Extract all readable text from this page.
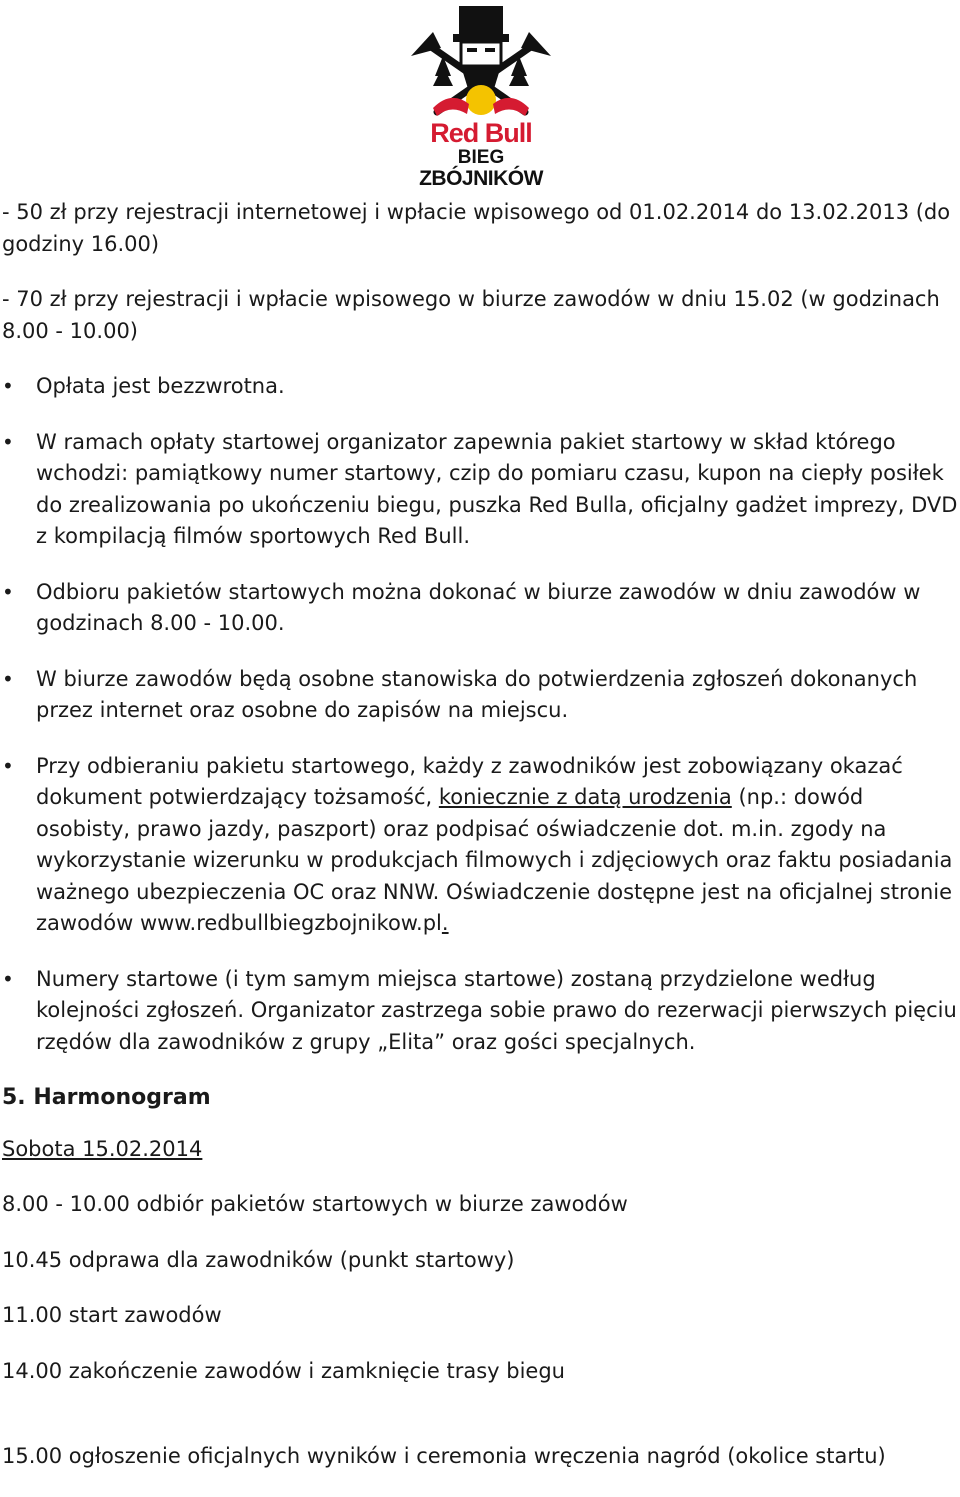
Red Bull
BIEG
ZBÓJNIKÓW

- 50 zł przy rejestracji internetowej i wpłacie wpisowego od 01.02.2014 do 13.02.2013 (do godziny 16.00)

- 70 zł przy rejestracji i wpłacie wpisowego w biurze zawodów w dniu 15.02 (w godzinach 8.00 - 10.00)

• Opłata jest bezzwrotna.
• W ramach opłaty startowej organizator zapewnia pakiet startowy w skład którego wchodzi: pamiątkowy numer startowy, czip do pomiaru czasu, kupon na ciepły posiłek do zrealizowania po ukończeniu biegu, puszka Red Bulla, oficjalny gadżet imprezy, DVD z kompilacją filmów sportowych Red Bull.
• Odbioru pakietów startowych można dokonać w biurze zawodów w dniu zawodów w godzinach 8.00 - 10.00.
• W biurze zawodów będą osobne stanowiska do potwierdzenia zgłoszeń dokonanych przez internet oraz osobne do zapisów na miejscu.
• Przy odbieraniu pakietu startowego, każdy z zawodników jest zobowiązany okazać dokument potwierdzający tożsamość, koniecznie z datą urodzenia (np.: dowód osobisty, prawo jazdy, paszport) oraz podpisać oświadczenie dot. m.in. zgody na wykorzystanie wizerunku w produkcjach filmowych i zdjęciowych oraz faktu posiadania ważnego ubezpieczenia OC oraz NNW. Oświadczenie dostępne jest na oficjalnej stronie zawodów www.redbullbiegzbojnikow.pl.
• Numery startowe (i tym samym miejsca startowe) zostaną przydzielone według kolejności zgłoszeń. Organizator zastrzega sobie prawo do rezerwacji pierwszych pięciu rzędów dla zawodników z grupy „Elita” oraz gości specjalnych.
5. Harmonogram
Sobota 15.02.2014
8.00 - 10.00 odbiór pakietów startowych w biurze zawodów
10.45 odprawa dla zawodników (punkt startowy)
11.00 start zawodów
14.00 zakończenie zawodów i zamknięcie trasy biegu
15.00 ogłoszenie oficjalnych wyników i ceremonia wręczenia nagród (okolice startu)
